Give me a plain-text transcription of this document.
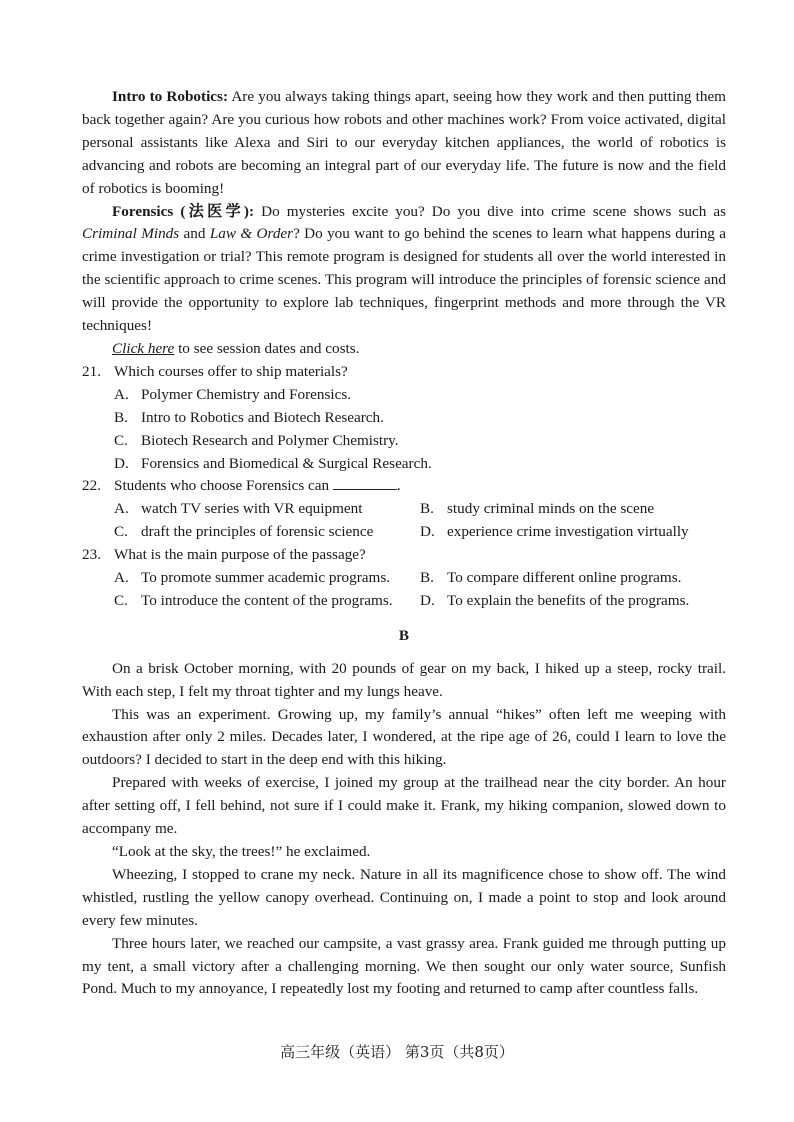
Intro to Robotics: Are you always taking things apart, seeing how they work and then putting them back together again? Are you curious how robots and other machines work? From voice activated, digital personal assistants like Alexa and Siri to our everyday kitchen appliances, the world of robotics is advancing and robots are becoming an integral part of our everyday life. The future is now and the field of robotics is booming!

Forensics (法医学): Do mysteries excite you? Do you dive into crime scene shows such as Criminal Minds and Law & Order? Do you want to go behind the scenes to learn what happens during a crime investigation or trial? This remote program is designed for students all over the world interested in the scientific approach to crime scenes. This program will introduce the principles of forensic science and will provide the opportunity to explore lab techniques, fingerprint methods and more through the VR techniques!

Click here to see session dates and costs.

21. Which courses offer to ship materials?
A. Polymer Chemistry and Forensics.
B. Intro to Robotics and Biotech Research.
C. Biotech Research and Polymer Chemistry.
D. Forensics and Biomedical & Surgical Research.
22. Students who choose Forensics can	.
A. watch TV series with VR equipment	B. study criminal minds on the scene
C. draft the principles of forensic science	D. experience crime investigation virtually
23. What is the main purpose of the passage?
A. To promote summer academic programs.	B. To compare different online programs.
C. To introduce the content of the programs.	D. To explain the benefits of the programs.
B

On a brisk October morning, with 20 pounds of gear on my back, I hiked up a steep, rocky trail. With each step, I felt my throat tighter and my lungs heave.

This was an experiment. Growing up, my family’s annual “hikes” often left me weeping with exhaustion after only 2 miles. Decades later, I wondered, at the ripe age of 26, could I learn to love the outdoors? I decided to start in the deep end with this hiking.

Prepared with weeks of exercise, I joined my group at the trailhead near the city border. An hour after setting off, I fell behind, not sure if I could make it. Frank, my hiking companion, slowed down to accompany me.

“Look at the sky, the trees!” he exclaimed.

Wheezing, I stopped to crane my neck. Nature in all its magnificence chose to show off. The wind whistled, rustling the yellow canopy overhead. Continuing on, I made a point to stop and look around every few minutes.

Three hours later, we reached our campsite, a vast grassy area. Frank guided me through putting up my tent, a small victory after a challenging morning. We then sought our only water source, Sunfish Pond. Much to my annoyance, I repeatedly lost my footing and returned to camp after countless falls.

高三年级（英语） 第3页（共8页）
